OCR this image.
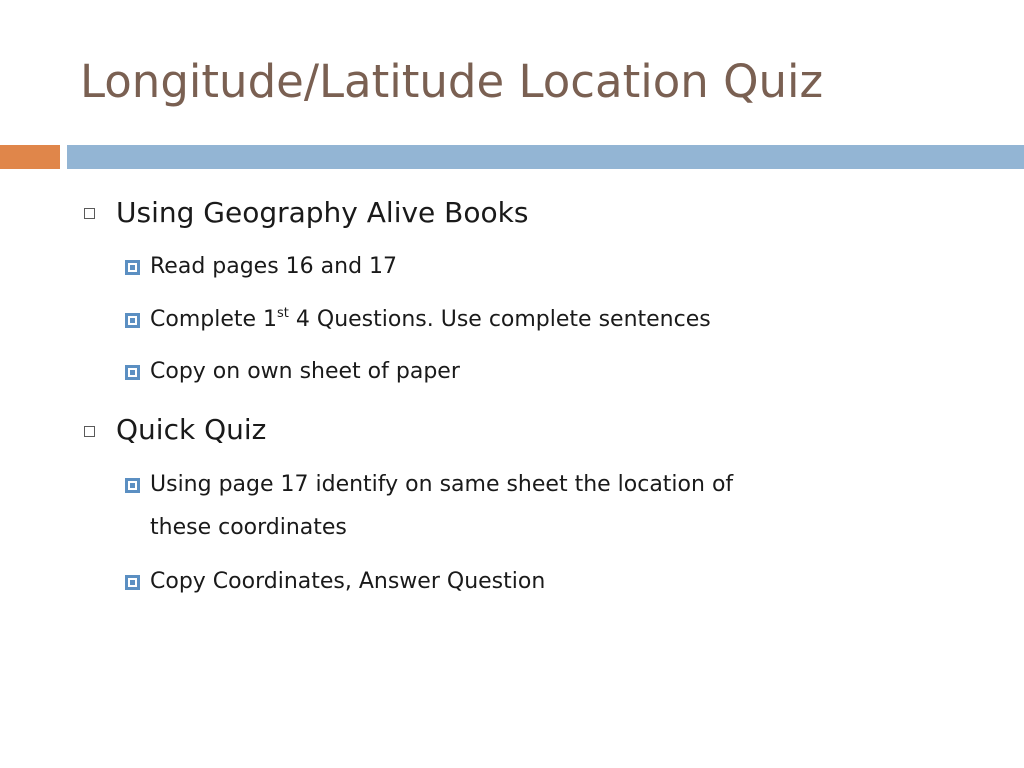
Longitude/Latitude Location Quiz
Using Geography Alive Books
Read pages 16 and 17
Complete 1st 4 Questions. Use complete sentences
Copy on own sheet of paper
Quick Quiz
Using page 17 identify on same sheet the location of
these coordinates
Copy Coordinates, Answer Question
